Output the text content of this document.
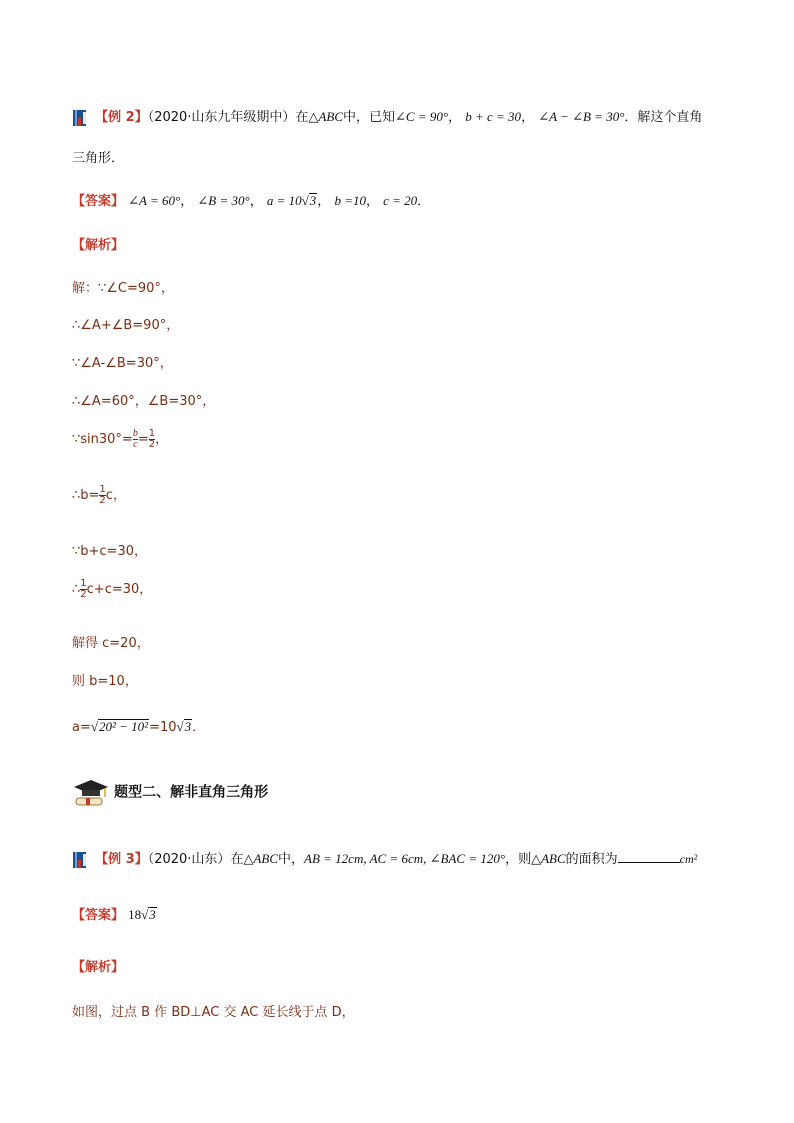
【例 2】（2020·山东九年级期中）在△ABC中，已知∠C = 90°， b + c = 30， ∠A − ∠B = 30°．解这个直角
三角形．
【答案】 ∠A = 60°， ∠B = 30°， a = 10√3， b =10， c = 20．
【解析】
解：∵∠C=90°，
∴∠A+∠B=90°，
∵∠A-∠B=30°，
∴∠A=60°，∠B=30°，
∵sin30°= $\frac{b}{c} = \frac{1}{2}$ ，
∴b= $\frac{1}{2}$ c，
∵b+c=30，
∴ $\frac{1}{2} c+c=30$，
解得 c=20，
则 b=10，
a=√20² − 10²=10√3．
题型二、解非直角三角形
【例 3】（2020·山东）在△ABC中，AB = 12cm, AC = 6cm, ∠BAC = 120°，则△ABC的面积为	cm²
【答案】 18√3
【解析】
如图，过点 B 作 BD⊥AC 交 AC 延长线于点 D，
